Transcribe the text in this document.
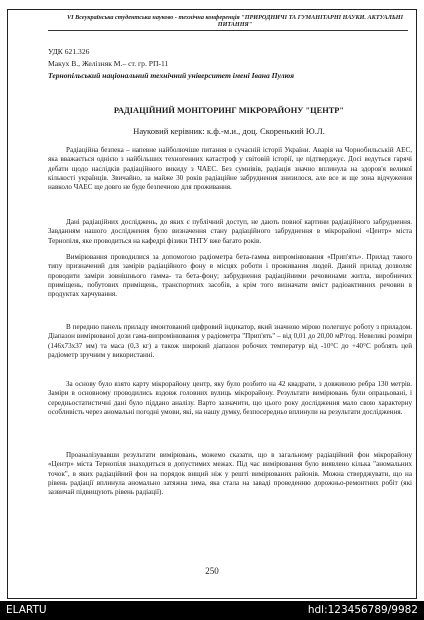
VI Всеукраїнська студентська науково - технічна конференція "ПРИРОДНИЧІ ТА ГУМАНІТАРНІ НАУКИ. АКТУАЛЬНІ ПИТАННЯ"
УДК 621.326
Макух В., Желізняк М.– ст. гр. РП-11
Тернопільський національний технічний університет імені Івана Пулюя
РАДІАЦІЙНИЙ МОНІТОРИНГ МІКРОРАЙОНУ "ЦЕНТР"
Науковий керівник: к.ф.-м.и., доц. Скоренький Ю.Л.

Радіаційна безпека – напевне найболючіше питання в сучасній історії України. Аварія на Чорнобильській АЕС, яка вважається однією з найбільших техногенних катастроф у світовій історії, це підтверджує. Досі ведуться гарячі дебати щодо наслідків радіаційного викиду з ЧАЕС. Без сумнівів, радіація значно вплинула на здоров'я великої кількості українців. Звичайно, за майже 30 років радіаційне забруднення знизилося, але все ж ще зона відчуження навколо ЧАЕС ще довго не буде безпечною для проживання.

Дані радіаційних досліджень, до яких є публічний доступ, не дають повної картини радіаційного забруднення. Завданням нашого дослідження було визначення стану радіаційного забруднення в мікрорайоні «Центр» міста Тернопіля, яке проводиться на кафедрі фізики ТНТУ вже багато років.

Вимірювання проводилися за допомогою радіометра бета-гамма випромінювання «Прип'ять». Прилад такого типу призначений для замірів радіаційного фону в місцях роботи і проживання людей. Даний прилад дозволяє проводити заміри зовнішнього гамма- та бета-фону; забруднення радіаційними речовинами житла, виробничих приміщень, побутових приміщень, транспортних засобів, а крім того визначати вміст радіоактивних речовин в продуктах харчування.

В передню панель приладу вмонтований цифровий індикатор, який значною мірою полегшує роботу з приладом. Діапазон вимірюваної дози гама-випромінювання у радіометра "Прип'ять" – від 0,01 до 20,00 мР/год. Невеликі розміри (146х73х37 мм) та маса (0,3 кг) а також широкий діапазон робочих температур від -10°С до +40°С роблять цей радіометр зручним у використанні.

За основу було взято карту мікрорайону центр, яку було розбито на 42 квадрати, з довжиною ребра 130 метрів. Заміри в основному проводились вздовж головних вулиць мікрорайону. Результати вимірювань були опрацьовані, і середньостатистичні дані було піддано аналізу. Варто зазначити, що цього року дослідження мало свою характерну особливість через аномальні погодні умови, які, на нашу думку, безпосередньо вплинули на результати дослідження.

Проаналізувавши результати вимірювань, можемо сказати, що в загальному радіаційний фон мікрорайону «Центр» міста Тернопіля знаходиться в допустимих межах. Під час вимірювання було виявлено кілька "аномальних точок", в яких радіаційний фон на порядок вищий ніж у решті вимірюваних районів. Можна стверджувати, що на рівень радіації вплинула аномально затяжна зима, яка стала на заваді проведенню дорожньо-ремонтних робіт (які зазвичай підвищують рівень радіації).

250
ELARTU	hdl:123456789/9982
